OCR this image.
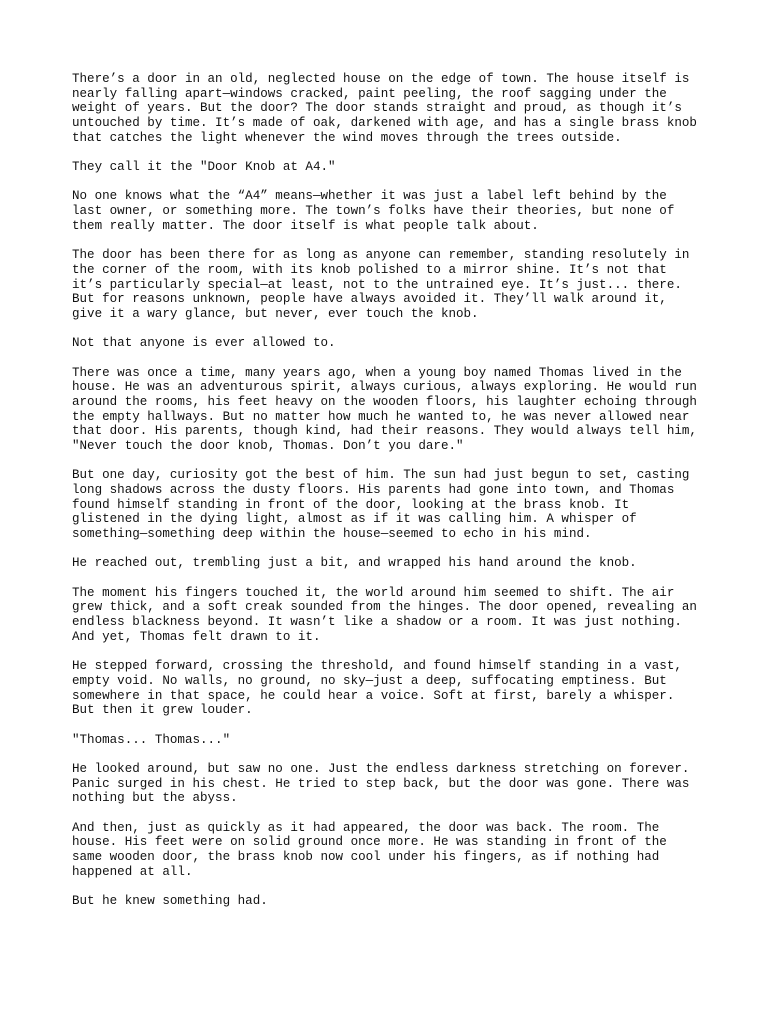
There’s a door in an old, neglected house on the edge of town. The house itself is
nearly falling apart—windows cracked, paint peeling, the roof sagging under the
weight of years. But the door? The door stands straight and proud, as though it’s
untouched by time. It’s made of oak, darkened with age, and has a single brass knob
that catches the light whenever the wind moves through the trees outside.

They call it the "Door Knob at A4."

No one knows what the “A4” means—whether it was just a label left behind by the
last owner, or something more. The town’s folks have their theories, but none of
them really matter. The door itself is what people talk about.

The door has been there for as long as anyone can remember, standing resolutely in
the corner of the room, with its knob polished to a mirror shine. It’s not that
it’s particularly special—at least, not to the untrained eye. It’s just... there.
But for reasons unknown, people have always avoided it. They’ll walk around it,
give it a wary glance, but never, ever touch the knob.

Not that anyone is ever allowed to.

There was once a time, many years ago, when a young boy named Thomas lived in the
house. He was an adventurous spirit, always curious, always exploring. He would run
around the rooms, his feet heavy on the wooden floors, his laughter echoing through
the empty hallways. But no matter how much he wanted to, he was never allowed near
that door. His parents, though kind, had their reasons. They would always tell him,
"Never touch the door knob, Thomas. Don’t you dare."

But one day, curiosity got the best of him. The sun had just begun to set, casting
long shadows across the dusty floors. His parents had gone into town, and Thomas
found himself standing in front of the door, looking at the brass knob. It
glistened in the dying light, almost as if it was calling him. A whisper of
something—something deep within the house—seemed to echo in his mind.

He reached out, trembling just a bit, and wrapped his hand around the knob.

The moment his fingers touched it, the world around him seemed to shift. The air
grew thick, and a soft creak sounded from the hinges. The door opened, revealing an
endless blackness beyond. It wasn’t like a shadow or a room. It was just nothing.
And yet, Thomas felt drawn to it.

He stepped forward, crossing the threshold, and found himself standing in a vast,
empty void. No walls, no ground, no sky—just a deep, suffocating emptiness. But
somewhere in that space, he could hear a voice. Soft at first, barely a whisper.
But then it grew louder.

"Thomas... Thomas..."

He looked around, but saw no one. Just the endless darkness stretching on forever.
Panic surged in his chest. He tried to step back, but the door was gone. There was
nothing but the abyss.

And then, just as quickly as it had appeared, the door was back. The room. The
house. His feet were on solid ground once more. He was standing in front of the
same wooden door, the brass knob now cool under his fingers, as if nothing had
happened at all.

But he knew something had.
